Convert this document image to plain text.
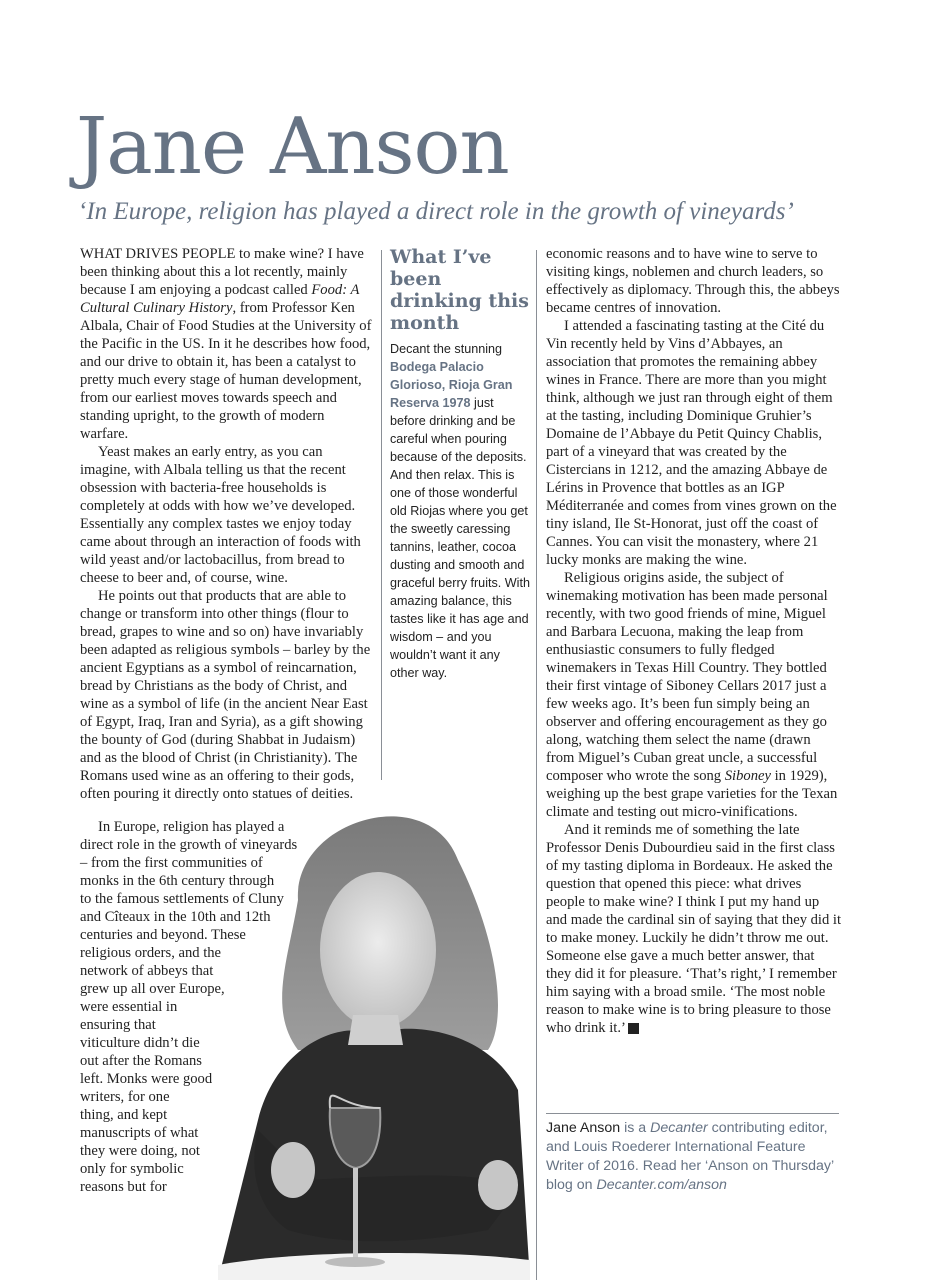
Jane Anson

‘In Europe, religion has played a direct role in the growth of vineyards’

WHAT DRIVES PEOPLE to make wine? I have been thinking about this a lot recently, mainly because I am enjoying a podcast called Food: A Cultural Culinary History, from Professor Ken Albala, Chair of Food Studies at the University of the Pacific in the US. In it he describes how food, and our drive to obtain it, has been a catalyst to pretty much every stage of human development, from our earliest moves towards speech and standing upright, to the growth of modern warfare.

Yeast makes an early entry, as you can imagine, with Albala telling us that the recent obsession with bacteria-free households is completely at odds with how we’ve developed. Essentially any complex tastes we enjoy today came about through an interaction of foods with wild yeast and/or lactobacillus, from bread to cheese to beer and, of course, wine.

He points out that products that are able to change or transform into other things (flour to bread, grapes to wine and so on) have invariably been adapted as religious symbols – barley by the ancient Egyptians as a symbol of reincarnation, bread by Christians as the body of Christ, and wine as a symbol of life (in the ancient Near East of Egypt, Iraq, Iran and Syria), as a gift showing the bounty of God (during Shabbat in Judaism) and as the blood of Christ (in Christianity). The Romans used wine as an offering to their gods, often pouring it directly onto statues of deities.

In Europe, religion has played a
direct role in the growth of vineyards
– from the first communities of
monks in the 6th century through
to the famous settlements of Cluny
and Cîteaux in the 10th and 12th
centuries and beyond. These
religious orders, and the
network of abbeys that
grew up all over Europe,
were essential in
ensuring that
viticulture didn’t die
out after the Romans
left. Monks were good
writers, for one
thing, and kept
manuscripts of what
they were doing, not
only for symbolic
reasons but for
What I’ve been drinking this month
Decant the stunning Bodega Palacio Glorioso, Rioja Gran Reserva 1978 just before drinking and be careful when pouring because of the deposits. And then relax. This is one of those wonderful old Riojas where you get the sweetly caressing tannins, leather, cocoa dusting and smooth and graceful berry fruits. With amazing balance, this tastes like it has age and wisdom – and you wouldn’t want it any other way.

economic reasons and to have wine to serve to visiting kings, noblemen and church leaders, so effectively as diplomacy. Through this, the abbeys became centres of innovation.

I attended a fascinating tasting at the Cité du Vin recently held by Vins d’Abbayes, an association that promotes the remaining abbey wines in France. There are more than you might think, although we just ran through eight of them at the tasting, including Dominique Gruhier’s Domaine de l’Abbaye du Petit Quincy Chablis, part of a vineyard that was created by the Cistercians in 1212, and the amazing Abbaye de Lérins in Provence that bottles as an IGP Méditerranée and comes from vines grown on the tiny island, Ile St-Honorat, just off the coast of Cannes. You can visit the monastery, where 21 lucky monks are making the wine.

Religious origins aside, the subject of winemaking motivation has been made personal recently, with two good friends of mine, Miguel and Barbara Lecuona, making the leap from enthusiastic consumers to fully fledged winemakers in Texas Hill Country. They bottled their first vintage of Siboney Cellars 2017 just a few weeks ago. It’s been fun simply being an observer and offering encouragement as they go along, watching them select the name (drawn from Miguel’s Cuban great uncle, a successful composer who wrote the song Siboney in 1929), weighing up the best grape varieties for the Texan climate and testing out micro-vinifications.

And it reminds me of something the late Professor Denis Dubourdieu said in the first class of my tasting diploma in Bordeaux. He asked the question that opened this piece: what drives people to make wine? I think I put my hand up and made the cardinal sin of saying that they did it to make money. Luckily he didn’t throw me out. Someone else gave a much better answer, that they did it for pleasure. ‘That’s right,’ I remember him saying with a broad smile. ‘The most noble reason to make wine is to bring pleasure to those who drink it.’ D

Jane Anson is a Decanter contributing editor, and Louis Roederer International Feature Writer of 2016. Read her ‘Anson on Thursday’ blog on Decanter.com/anson
